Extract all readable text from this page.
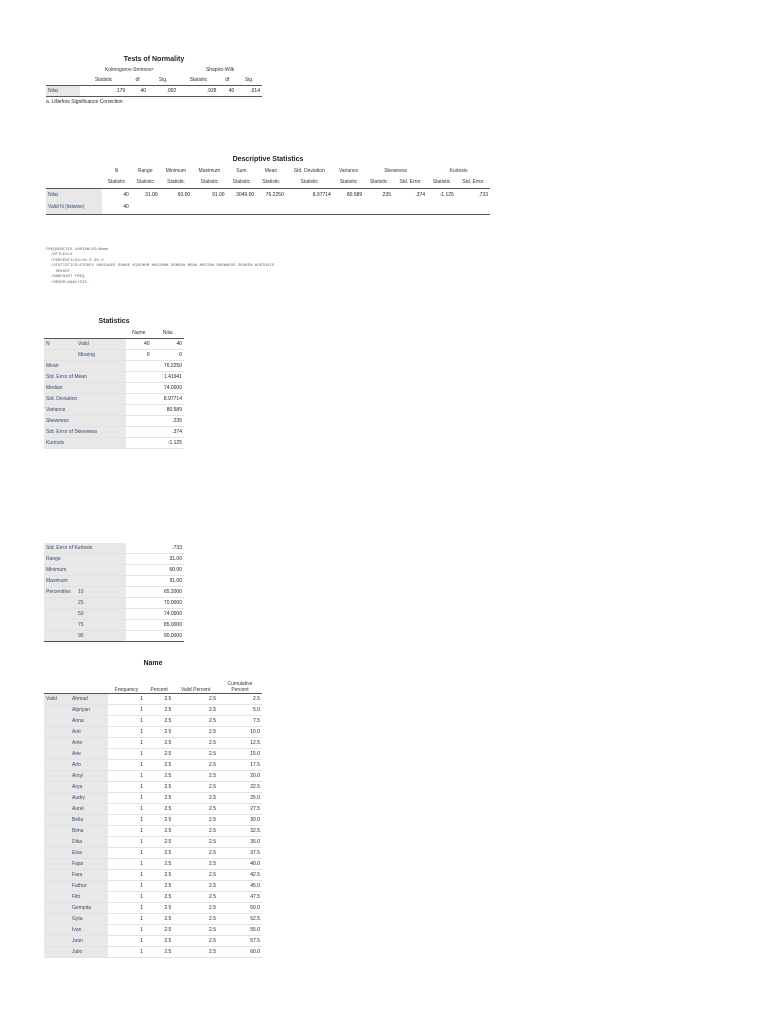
Tests of Normality
	Kolmogorov-Smirnovᵃ			Shapiro-Wilk		
	Statistic	df	Sig.	Statistic	df	Sig.
Nilai	.179	40	.002	.928	40	.014
a. Lilliefors Significance Correction
Descriptive Statistics
	N	Range	Minimum	Maximum	Sum	Mean	Std. Deviation	Variance	Skewness		Kurtosis	
	Statistic	Statistic	Statistic	Statistic	Statistic	Statistic	Statistic	Statistic	Statistic	Std. Error	Statistic	Std. Error
Nilai	40	31.00	60.00	91.00	3049.00	76.2250	8.97714	80.589	.235	.374	-1.125	.733
Valid N (listwise)	40											

FREQUENCIES VARIABLES=Name
/NTILES=4
/PERCENTILES=10.0 90.0
/STATISTICS=STDDEV VARIANCE RANGE MINIMUM MAXIMUM SEMEAN MEAN MEDIAN SKEWNESS SESKEW KURTOSIS
SEKURT
/BARCHART FREQ
/ORDER=ANALYSIS.

Statistics
		Name	Nilai
N	Valid	40	40
	Missing	0	0
Mean			76.2250
Std. Error of Mean			1.41941
Median			74.0000
Std. Deviation			8.97714
Variance			80.589
Skewness			.235
Std. Error of Skewness			.374
Kurtosis			-1.125
Std. Error of Kurtosis			.733
Range			31.00
Minimum			60.00
Maximum			91.00
Percentiles	10		65.2000
	25		70.0000
	50		74.0000
	75		85.0000
	90		90.0000
Name
		Frequency	Percent	Valid Percent	Cumulative Percent
Valid	Ahmad	1	2.5	2.5	2.5
	Alpriyan	1	2.5	2.5	5.0
	Anna	1	2.5	2.5	7.5
	Anti	1	2.5	2.5	10.0
	Anto	1	2.5	2.5	12.5
	Arie	1	2.5	2.5	15.0
	Arlo	1	2.5	2.5	17.5
	Arsyi	1	2.5	2.5	20.0
	Arya	1	2.5	2.5	22.5
	Audry	1	2.5	2.5	25.0
	Aurel	1	2.5	2.5	27.5
	Bella	1	2.5	2.5	30.0
	Bima	1	2.5	2.5	32.5
	Dika	1	2.5	2.5	35.0
	Elsa	1	2.5	2.5	37.5
	Fajar	1	2.5	2.5	40.0
	Fara	1	2.5	2.5	42.5
	Fathur	1	2.5	2.5	45.0
	Fitri	1	2.5	2.5	47.5
	Gempita	1	2.5	2.5	50.0
	Gyta	1	2.5	2.5	52.5
	Ivan	1	2.5	2.5	55.0
	Joan	1	2.5	2.5	57.5
	Julio	1	2.5	2.5	60.0
